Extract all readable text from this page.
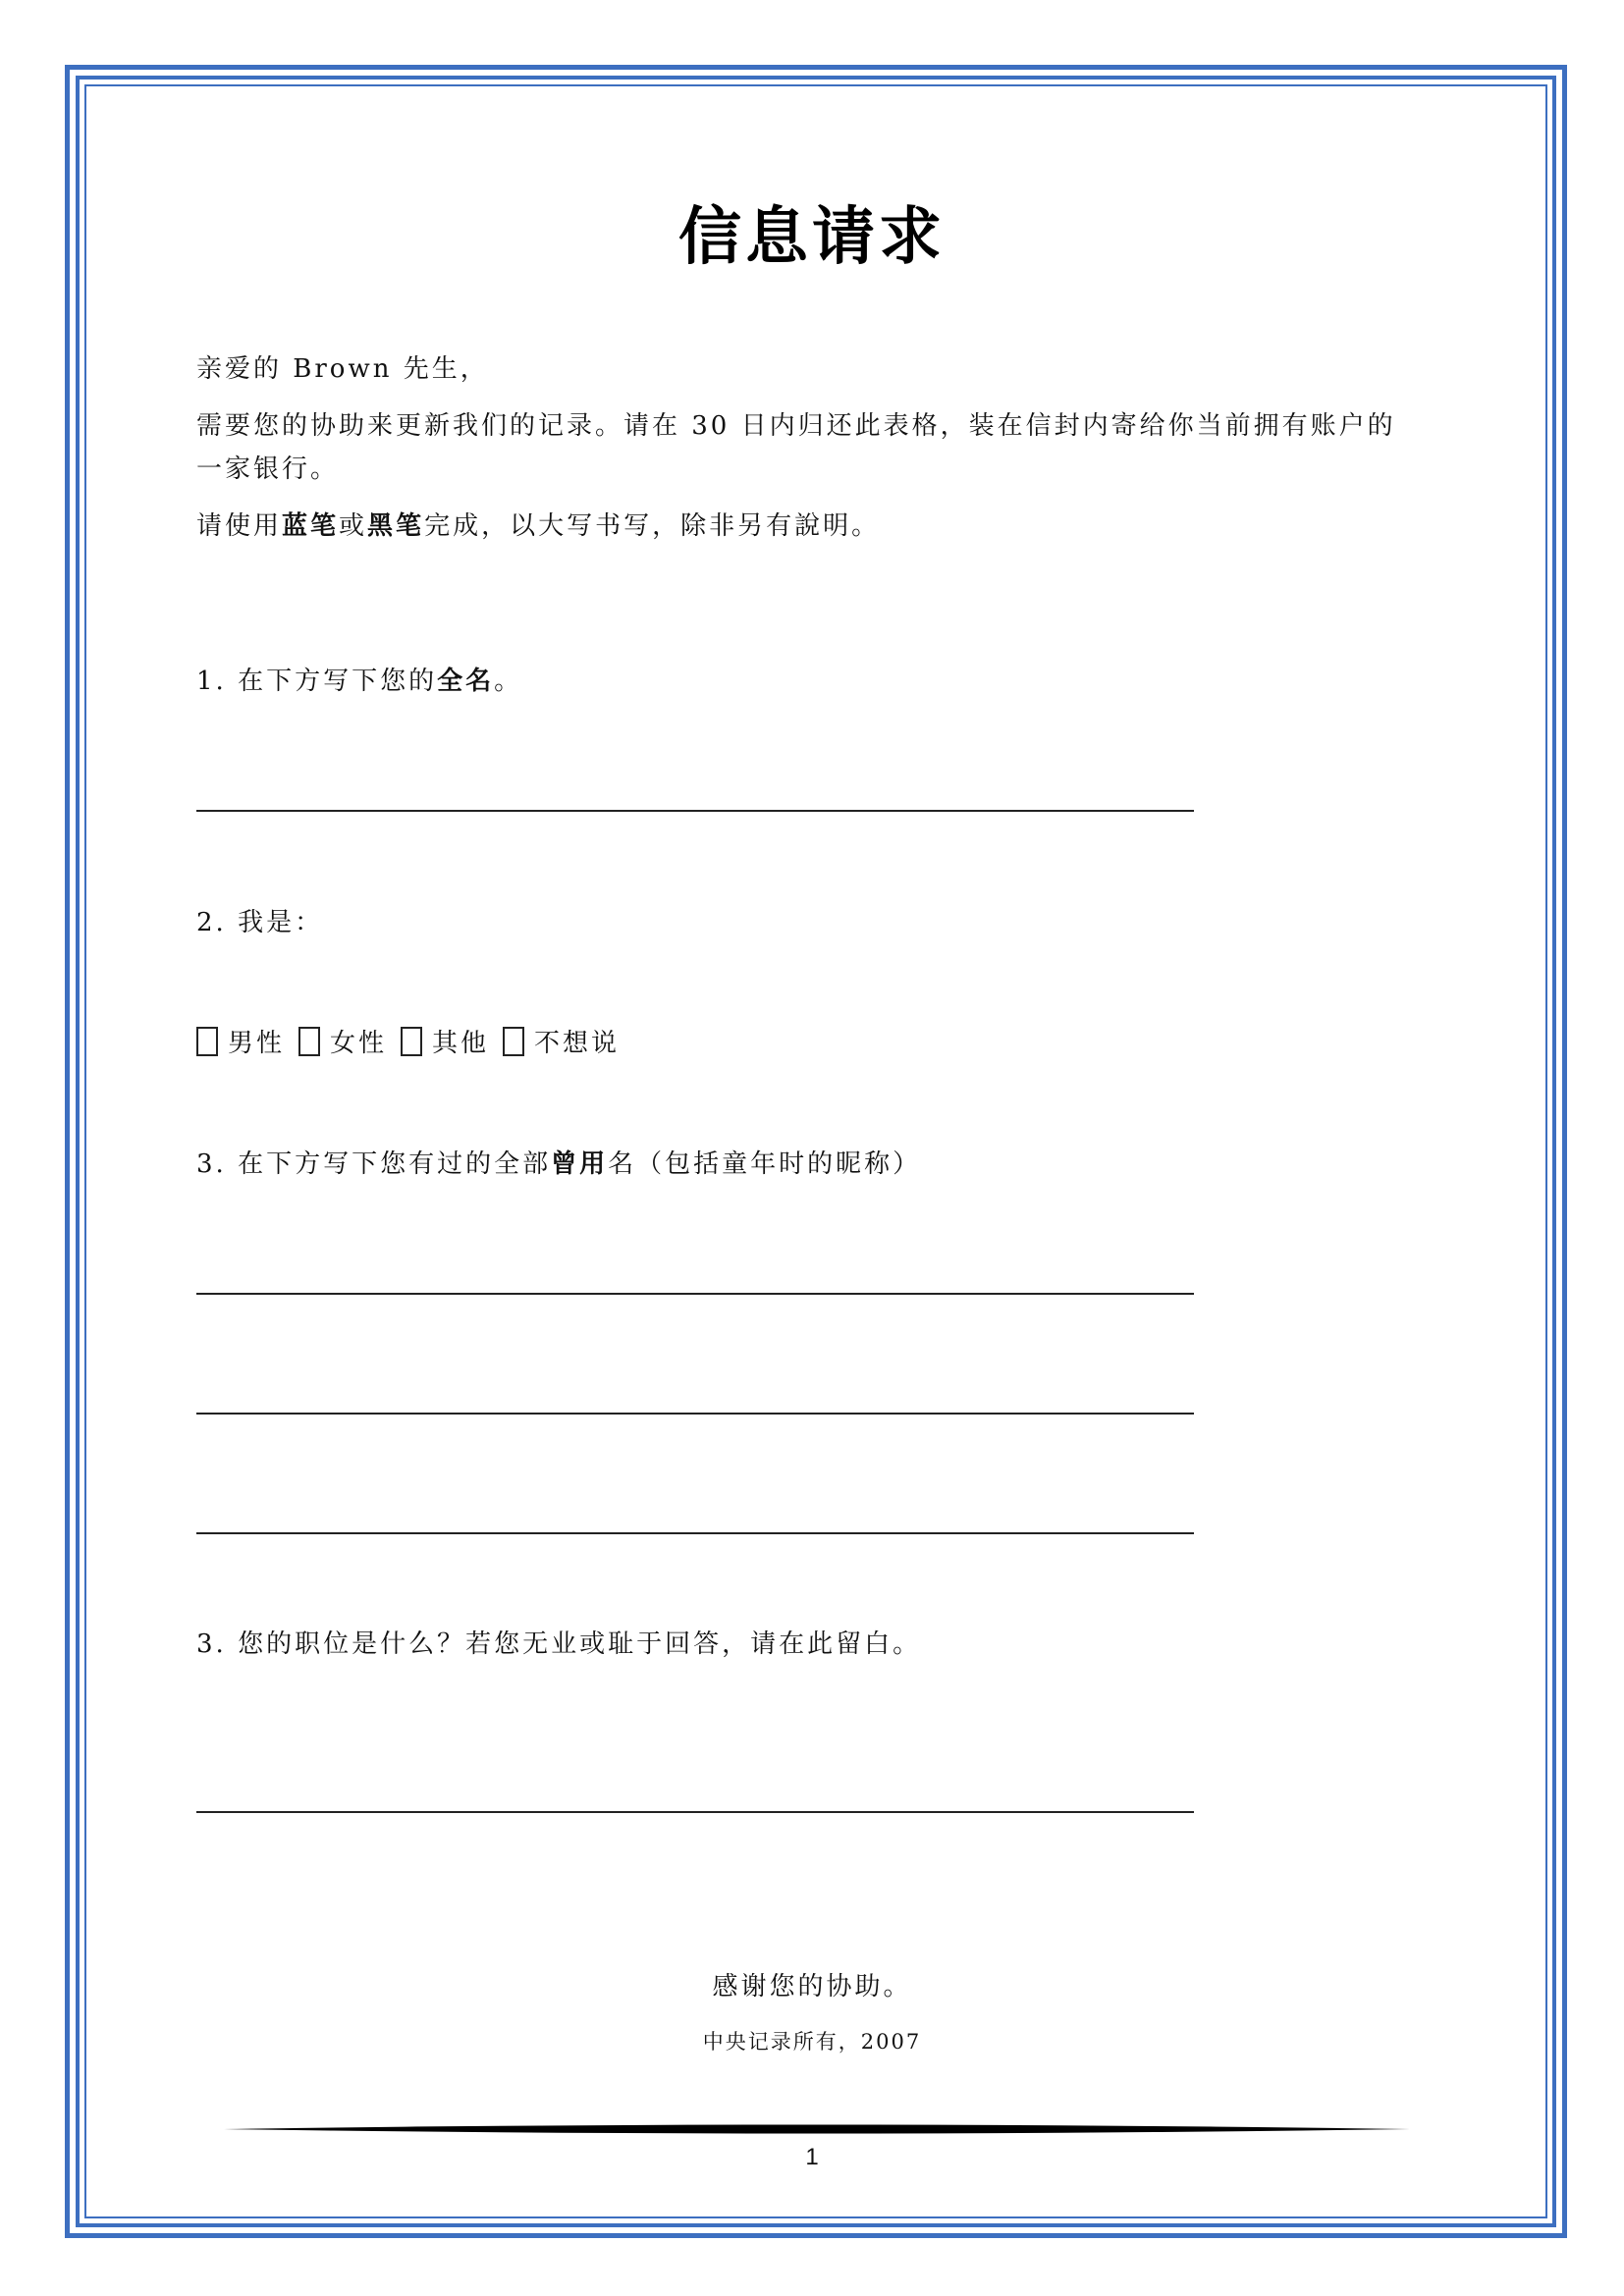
信息请求
亲爱的 Brown 先生，
需要您的协助来更新我们的记录。请在 30 日内归还此表格，装在信封内寄给你当前拥有账户的一家银行。
请使用蓝笔或黑笔完成，以大写书写，除非另有說明。
1. 在下方写下您的全名。
2. 我是：
男性 女性 其他 不想说
3. 在下方写下您有过的全部曾用名（包括童年时的昵称）
3. 您的职位是什么？若您无业或耻于回答，请在此留白。
感谢您的协助。
中央记录所有，2007
1
